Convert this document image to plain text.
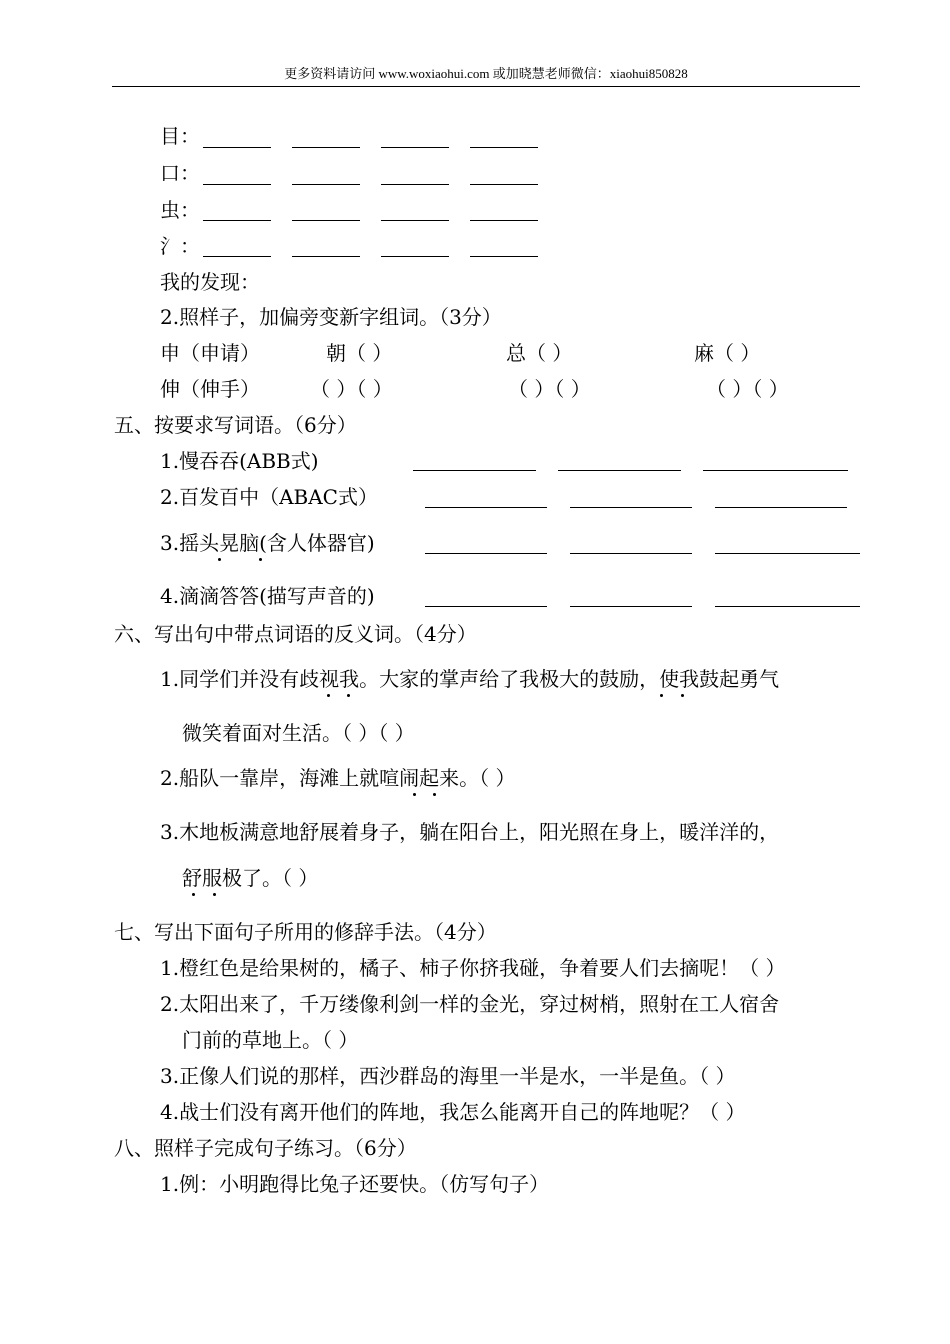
更多资料请访问 www.woxiaohui.com 或加晓慧老师微信：xiaohui850828
目：
口：
虫：
氵：
我的发现：
2.照样子，加偏旁变新字组词。（3分）
申（申请）	朝（ ）	总（ ）	麻（ ）
伸（伸手）	（ ）（ ）	（ ）（ ）	（ ）（ ）
五、按要求写词语。（6分）
1.慢吞吞(ABB式)
2.百发百中（ABAC式）
3.摇头晃脑(含人体器官)
4.滴滴答答(描写声音的)
六、写出句中带点词语的反义词。（4分）
1.同学们并没有歧视我。大家的掌声给了我极大的鼓励，使我鼓起勇气
微笑着面对生活。（ ）（ ）
2.船队一靠岸，海滩上就喧闹起来。（ ）
3.木地板满意地舒展着身子，躺在阳台上，阳光照在身上，暖洋洋的，
舒服极了。（ ）
七、写出下面句子所用的修辞手法。（4分）
1.橙红色是给果树的，橘子、柿子你挤我碰，争着要人们去摘呢！（ ）
2.太阳出来了，千万缕像利剑一样的金光，穿过树梢，照射在工人宿舍
门前的草地上。（ ）
3.正像人们说的那样，西沙群岛的海里一半是水，一半是鱼。（ ）
4.战士们没有离开他们的阵地，我怎么能离开自己的阵地呢？（ ）
八、照样子完成句子练习。（6分）
1.例：小明跑得比兔子还要快。（仿写句子）
